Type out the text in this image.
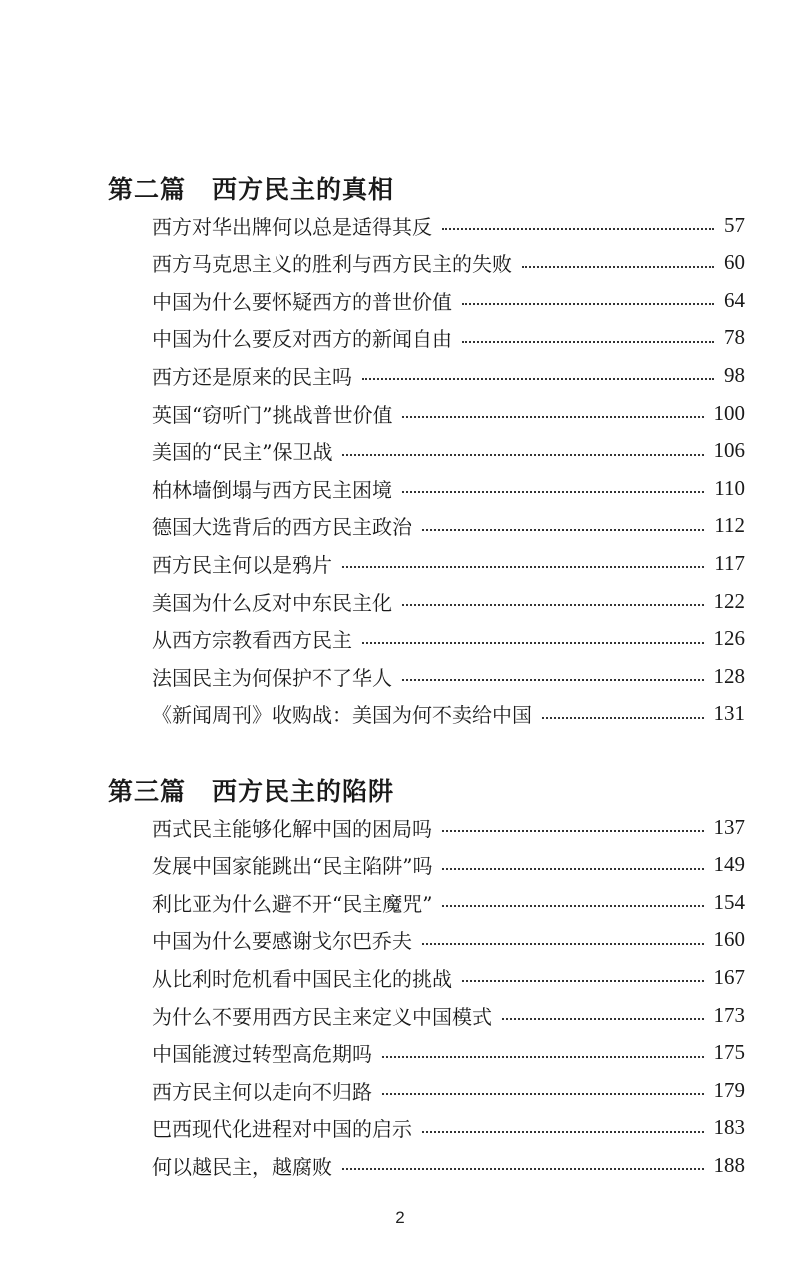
第二篇 西方民主的真相
西方对华出牌何以总是适得其反	57
西方马克思主义的胜利与西方民主的失败	60
中国为什么要怀疑西方的普世价值	64
中国为什么要反对西方的新闻自由	78
西方还是原来的民主吗	98
英国“窃听门”挑战普世价值	100
美国的“民主”保卫战	106
柏林墙倒塌与西方民主困境	110
德国大选背后的西方民主政治	112
西方民主何以是鸦片	117
美国为什么反对中东民主化	122
从西方宗教看西方民主	126
法国民主为何保护不了华人	128
《新闻周刊》收购战：美国为何不卖给中国	131
第三篇 西方民主的陷阱
西式民主能够化解中国的困局吗	137
发展中国家能跳出“民主陷阱”吗	149
利比亚为什么避不开“民主魔咒”	154
中国为什么要感谢戈尔巴乔夫	160
从比利时危机看中国民主化的挑战	167
为什么不要用西方民主来定义中国模式	173
中国能渡过转型高危期吗	175
西方民主何以走向不归路	179
巴西现代化进程对中国的启示	183
何以越民主，越腐败	188
2
